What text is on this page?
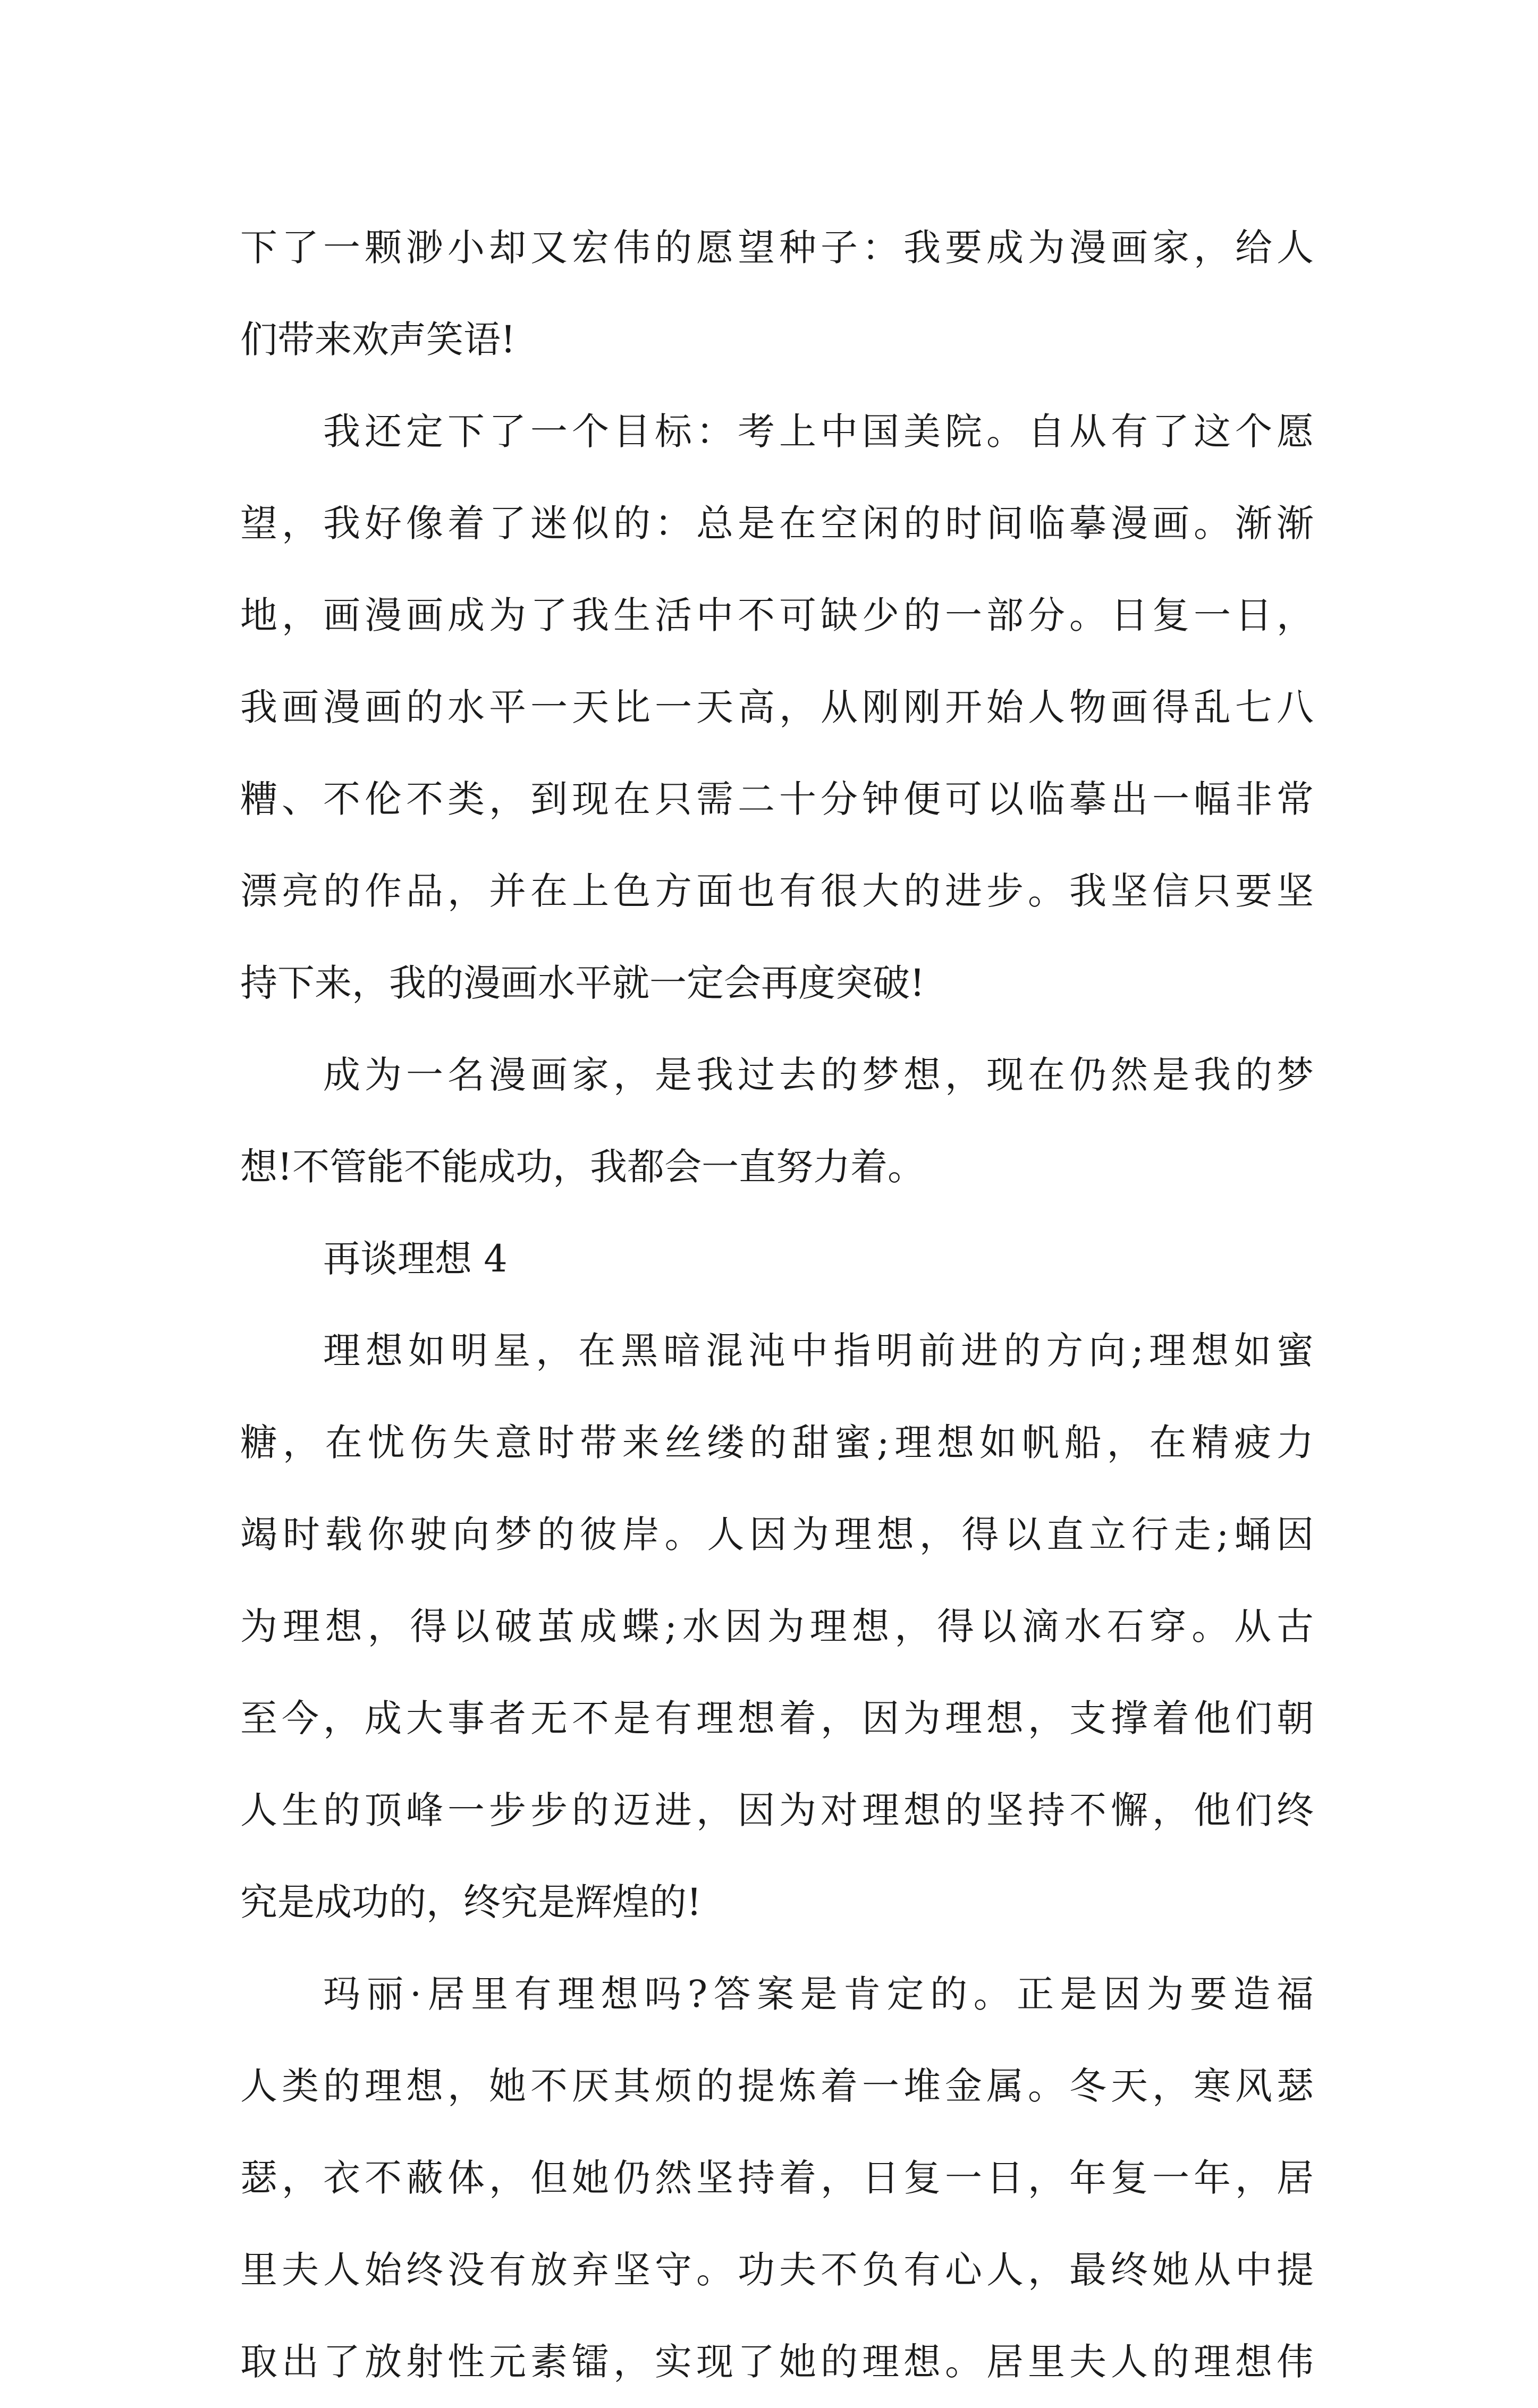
下了一颗渺小却又宏伟的愿望种子：我要成为漫画家，给人
们带来欢声笑语!
我还定下了一个目标：考上中国美院。自从有了这个愿
望，我好像着了迷似的：总是在空闲的时间临摹漫画。渐渐
地，画漫画成为了我生活中不可缺少的一部分。日复一日，
我画漫画的水平一天比一天高，从刚刚开始人物画得乱七八
糟、不伦不类，到现在只需二十分钟便可以临摹出一幅非常
漂亮的作品，并在上色方面也有很大的进步。我坚信只要坚
持下来，我的漫画水平就一定会再度突破!
成为一名漫画家，是我过去的梦想，现在仍然是我的梦
想!不管能不能成功，我都会一直努力着。
再谈理想 4
理想如明星，在黑暗混沌中指明前进的方向;理想如蜜
糖，在忧伤失意时带来丝缕的甜蜜;理想如帆船，在精疲力
竭时载你驶向梦的彼岸。人因为理想，得以直立行走;蛹因
为理想，得以破茧成蝶;水因为理想，得以滴水石穿。从古
至今，成大事者无不是有理想着，因为理想，支撑着他们朝
人生的顶峰一步步的迈进，因为对理想的坚持不懈，他们终
究是成功的，终究是辉煌的!
玛丽·居里有理想吗?答案是肯定的。正是因为要造福
人类的理想，她不厌其烦的提炼着一堆金属。冬天，寒风瑟
瑟，衣不蔽体，但她仍然坚持着，日复一日，年复一年，居
里夫人始终没有放弃坚守。功夫不负有心人，最终她从中提
取出了放射性元素镭，实现了她的理想。居里夫人的理想伟
